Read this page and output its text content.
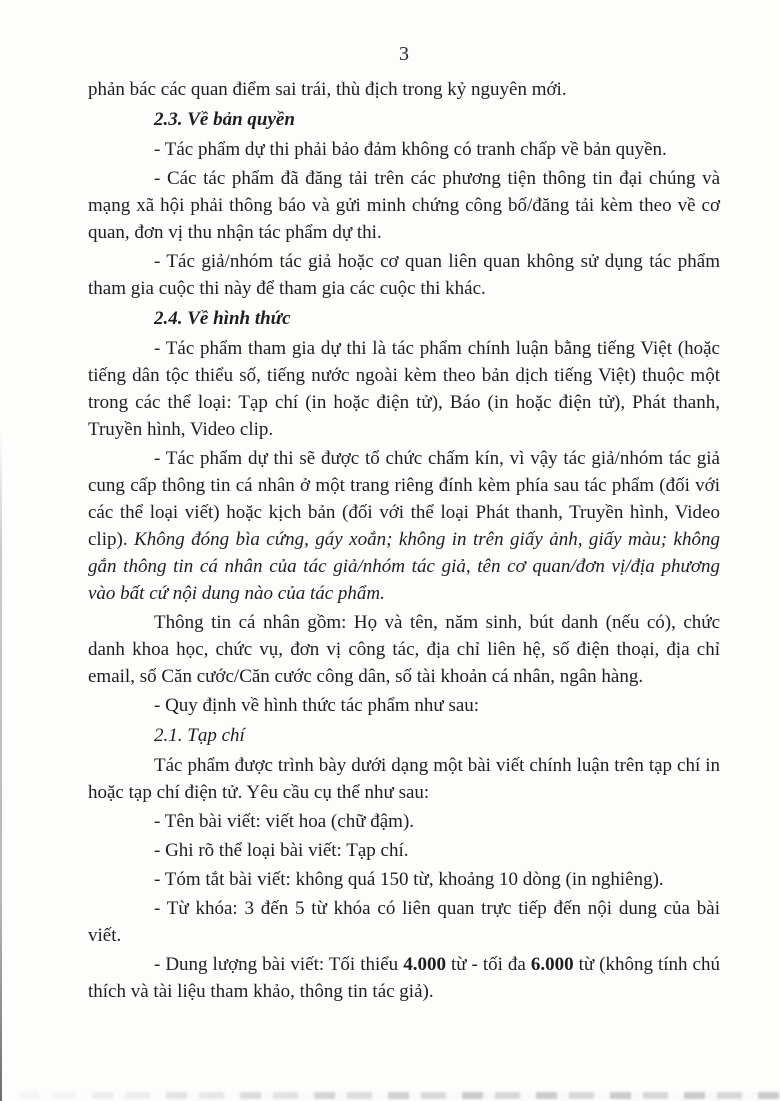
3

phản bác các quan điểm sai trái, thù địch trong kỷ nguyên mới.

2.3. Về bản quyền

- Tác phẩm dự thi phải bảo đảm không có tranh chấp về bản quyền.

- Các tác phẩm đã đăng tải trên các phương tiện thông tin đại chúng và mạng xã hội phải thông báo và gửi minh chứng công bố/đăng tải kèm theo về cơ quan, đơn vị thu nhận tác phẩm dự thi.

- Tác giả/nhóm tác giả hoặc cơ quan liên quan không sử dụng tác phẩm tham gia cuộc thi này để tham gia các cuộc thi khác.

2.4. Về hình thức

- Tác phẩm tham gia dự thi là tác phẩm chính luận bằng tiếng Việt (hoặc tiếng dân tộc thiểu số, tiếng nước ngoài kèm theo bản dịch tiếng Việt) thuộc một trong các thể loại: Tạp chí (in hoặc điện tử), Báo (in hoặc điện tử), Phát thanh, Truyền hình, Video clip.

- Tác phẩm dự thi sẽ được tổ chức chấm kín, vì vậy tác giả/nhóm tác giả cung cấp thông tin cá nhân ở một trang riêng đính kèm phía sau tác phẩm (đối với các thể loại viết) hoặc kịch bản (đối với thể loại Phát thanh, Truyền hình, Video clip). Không đóng bìa cứng, gáy xoắn; không in trên giấy ảnh, giấy màu; không gắn thông tin cá nhân của tác giả/nhóm tác giả, tên cơ quan/đơn vị/địa phương vào bất cứ nội dung nào của tác phẩm.

Thông tin cá nhân gồm: Họ và tên, năm sinh, bút danh (nếu có), chức danh khoa học, chức vụ, đơn vị công tác, địa chỉ liên hệ, số điện thoại, địa chỉ email, số Căn cước/Căn cước công dân, số tài khoản cá nhân, ngân hàng.

- Quy định về hình thức tác phẩm như sau:

2.1. Tạp chí

Tác phẩm được trình bày dưới dạng một bài viết chính luận trên tạp chí in hoặc tạp chí điện tử. Yêu cầu cụ thể như sau:

- Tên bài viết: viết hoa (chữ đậm).

- Ghi rõ thể loại bài viết: Tạp chí.

- Tóm tắt bài viết: không quá 150 từ, khoảng 10 dòng (in nghiêng).

- Từ khóa: 3 đến 5 từ khóa có liên quan trực tiếp đến nội dung của bài viết.

- Dung lượng bài viết: Tối thiểu 4.000 từ - tối đa 6.000 từ (không tính chú thích và tài liệu tham khảo, thông tin tác giả).
